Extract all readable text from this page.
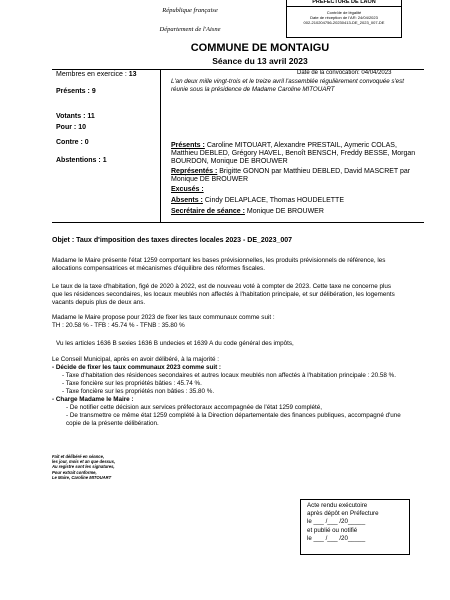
PRÉFECTURE DE LAON
Contrôle de légalité
Date de réception de l'AR: 24/04/2023
002-210204756-20230413-DE_2023_007-DE
République française
Département de l'Aisne
COMMUNE DE MONTAIGU
Séance du 13 avril 2023
Membres en exercice : 13
Présents : 9
Votants : 11
Pour : 10
Contre : 0
Abstentions : 1
Date de la convocation: 04/04/2023
L'an deux mille vingt-trois et le treize avril l'assemblée régulièrement convoquée s'est réunie sous la présidence de Madame Caroline MITOUART
Présents : Caroline MITOUART, Alexandre PRESTAIL, Aymeric COLAS, Matthieu DEBLED, Grégory HAVEL, Benoît BENSCH, Freddy BESSE, Morgan BOURDON, Monique DE BROUWER
Représentés : Brigitte GONON par Matthieu DEBLED, David MASCRET par Monique DE BROUWER
Excusés :
Absents : Cindy DELAPLACE, Thomas HOUDELETTE
Secrétaire de séance : Monique DE BROUWER
Objet : Taux d'imposition des taxes directes locales 2023 - DE_2023_007
Madame le Maire présente l'état 1259 comportant les bases prévisionnelles, les produits prévisionnels de référence, les allocations compensatrices et mécanismes d'équilibre des réformes fiscales.
Le taux de la taxe d'habitation, figé de 2020 à 2022, est de nouveau voté à compter de 2023. Cette taxe ne concerne plus que les résidences secondaires, les locaux meublés non affectés à l'habitation principale, et sur délibération, les logements vacants depuis plus de deux ans.
Madame le Maire propose pour 2023 de fixer les taux communaux comme suit :
TH : 20.58 % - TFB : 45.74 % - TFNB : 35.80 %
Vu les articles 1636 B sexies 1636 B undecies et 1639 A du code général des impôts,
Le Conseil Municipal, après en avoir délibéré, à la majorité :
- Décide de fixer les taux communaux 2023 comme suit :
- Taxe d'habitation des résidences secondaires et autres locaux meublés non affectés à l'habitation principale : 20.58 %.
- Taxe foncière sur les propriétés bâties : 45.74 %.
- Taxe foncière sur les propriétés non bâties : 35.80 %.
- Charge Madame le Maire :
- De notifier cette décision aux services préfectoraux accompagnée de l'état 1259 complété,
- De transmettre ce même état 1259 complété à la Direction départementale des finances publiques, accompagné d'une copie de la présente délibération.
Fait et délibéré en séance,
les jour, mois et an que dessus,
Au registre sont les signatures,
Pour extrait conforme,
Le Maire, Caroline MITOUART
Acte rendu exécutoire
après dépôt en Préfecture
le ___ /___ /20_____
et publié ou notifié
le ___ /___ /20_____
